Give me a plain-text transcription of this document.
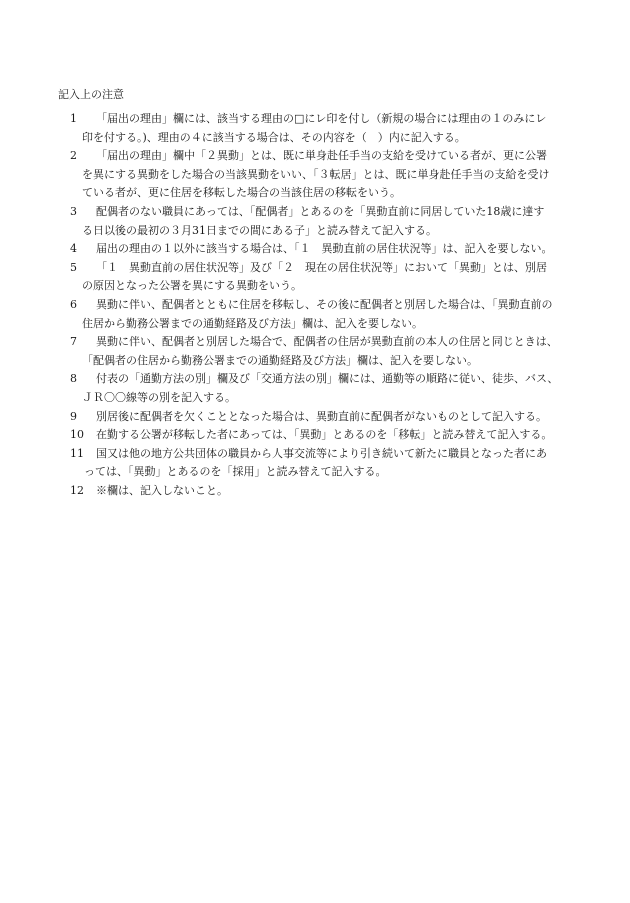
記入上の注意
1	「届出の理由」欄には、該当する理由の□にレ印を付し（新規の場合には理由の１のみにレ
印を付する。)、理由の４に該当する場合は、その内容を（　）内に記入する。
2	「届出の理由」欄中「２異動」とは、既に単身赴任手当の支給を受けている者が、更に公署
を異にする異動をした場合の当該異動をいい、「３転居」とは、既に単身赴任手当の支給を受け
ている者が、更に住居を移転した場合の当該住居の移転をいう。
3	配偶者のない職員にあっては、「配偶者」とあるのを「異動直前に同居していた18歳に達す
る日以後の最初の３月31日までの間にある子」と読み替えて記入する。
4	届出の理由の１以外に該当する場合は、「１　異動直前の居住状況等」は、記入を要しない。
5	「１　異動直前の居住状況等」及び「２　現在の居住状況等」において「異動」とは、別居
の原因となった公署を異にする異動をいう。
6	異動に伴い、配偶者とともに住居を移転し、その後に配偶者と別居した場合は、「異動直前の
住居から勤務公署までの通勤経路及び方法」欄は、記入を要しない。
7	異動に伴い、配偶者と別居した場合で、配偶者の住居が異動直前の本人の住居と同じときは、
「配偶者の住居から勤務公署までの通勤経路及び方法」欄は、記入を要しない。
8	付表の「通勤方法の別」欄及び「交通方法の別」欄には、通勤等の順路に従い、徒歩、バス、
ＪＲ〇〇線等の別を記入する。
9	別居後に配偶者を欠くこととなった場合は、異動直前に配偶者がないものとして記入する。
10	在勤する公署が移転した者にあっては、「異動」とあるのを「移転」と読み替えて記入する。
11	国又は他の地方公共団体の職員から人事交流等により引き続いて新たに職員となった者にあ
っては、「異動」とあるのを「採用」と読み替えて記入する。
12	※欄は、記入しないこと。
